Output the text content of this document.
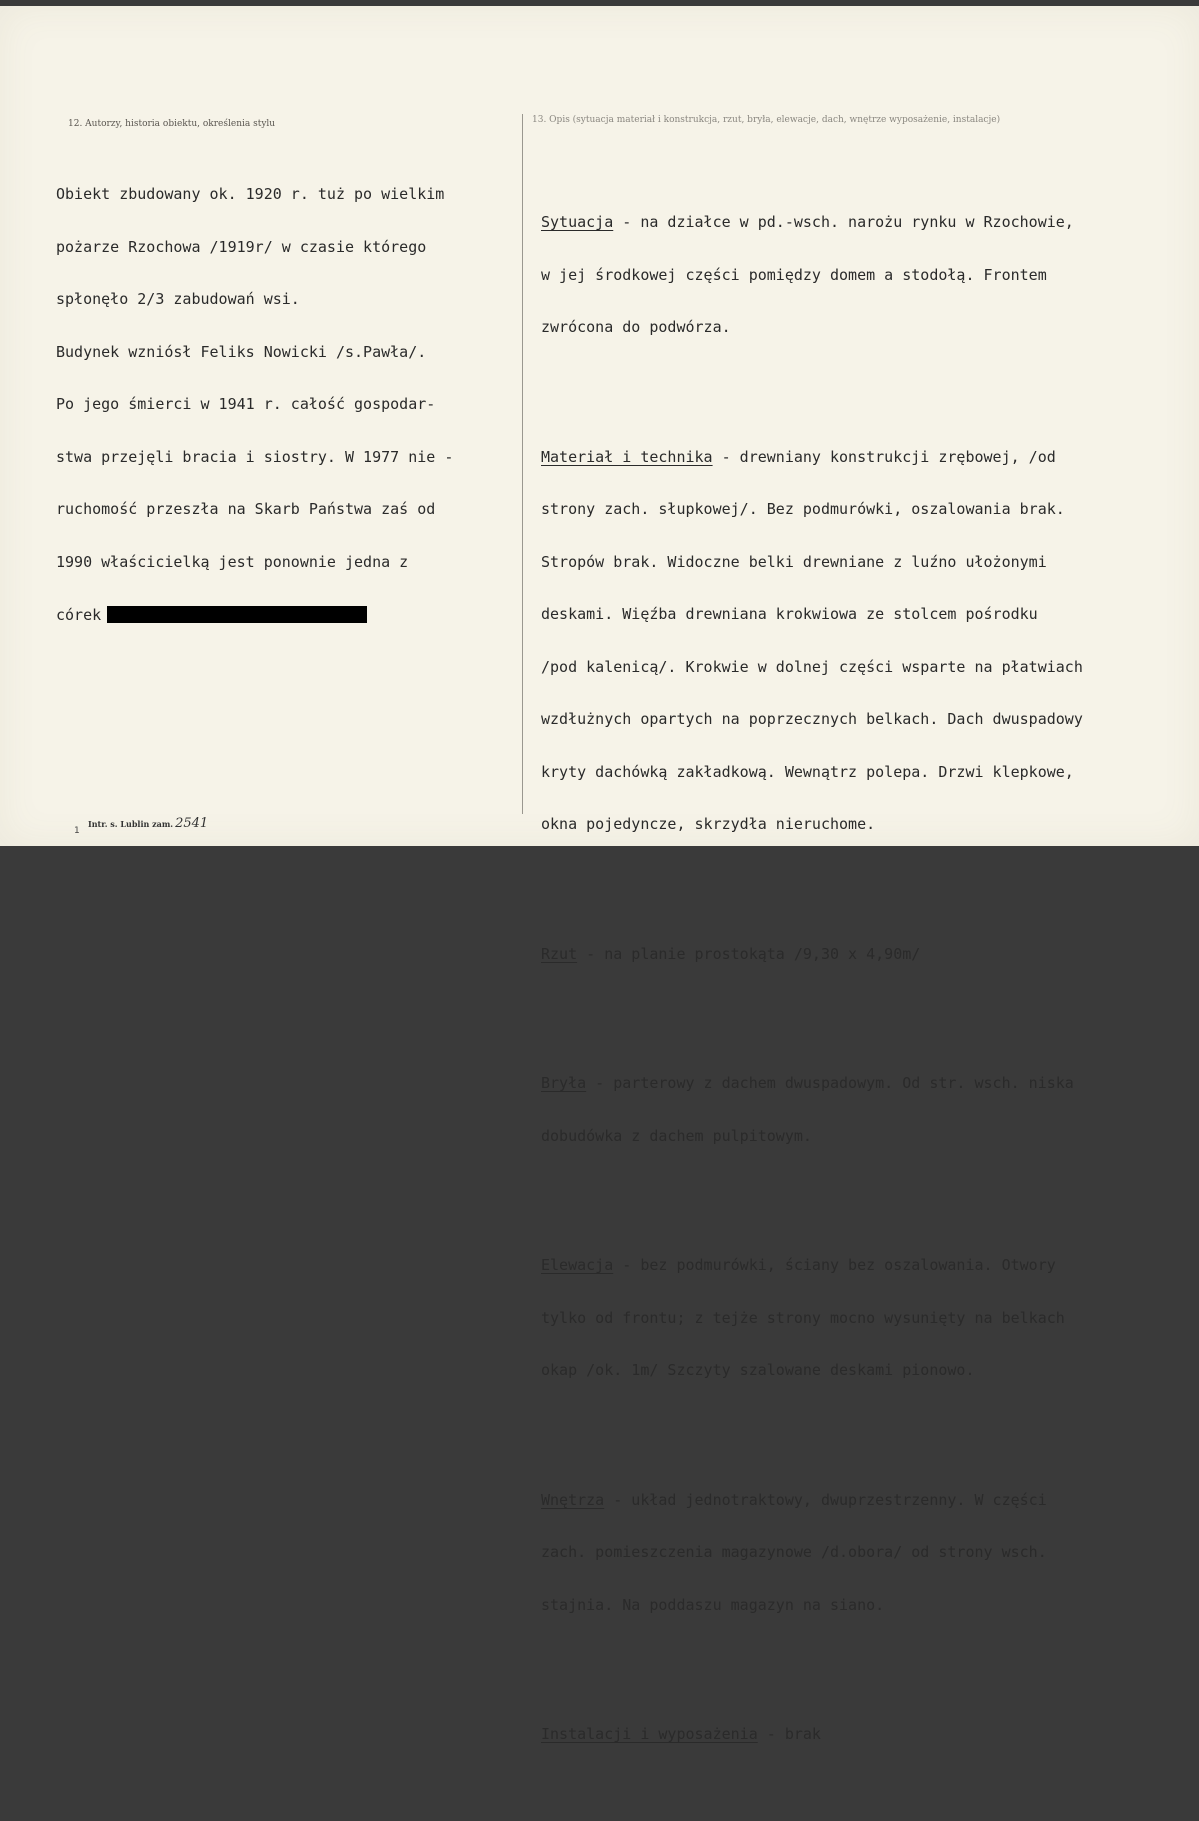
12. Autorzy, historia obiektu, określenia stylu	13. Opis (sytuacja materiał i konstrukcja, rzut, bryła, elewacje, dach, wnętrze wyposażenie, instalacje)

Obiekt zbudowany ok. 1920 r. tuż po wielkim

pożarze Rzochowa /1919r/ w czasie którego

spłonęło 2/3 zabudowań wsi.

Budynek wzniósł Feliks Nowicki /s.Pawła/.

Po jego śmierci w 1941 r. całość gospodar-

stwa przejęli bracia i siostry. W 1977 nie -

ruchomość przeszła na Skarb Państwa zaś od

1990 właścicielką jest ponownie jedna z

córek

Sytuacja - na działce w pd.-wsch. narożu rynku w Rzochowie,

w jej środkowej części pomiędzy domem a stodołą. Frontem

zwrócona do podwórza.

Materiał i technika - drewniany konstrukcji zrębowej, /od

strony zach. słupkowej/. Bez podmurówki, oszalowania brak.

Stropów brak. Widoczne belki drewniane z luźno ułożonymi

deskami. Więźba drewniana krokwiowa ze stolcem pośrodku

/pod kalenicą/. Krokwie w dolnej części wsparte na płatwiach

wzdłużnych opartych na poprzecznych belkach. Dach dwuspadowy

kryty dachówką zakładkową. Wewnątrz polepa. Drzwi klepkowe,

okna pojedyncze, skrzydła nieruchome.

Rzut - na planie prostokąta /9,30 x 4,90m/

Bryła - parterowy z dachem dwuspadowym. Od str. wsch. niska

dobudówka z dachem pulpitowym.

Elewacja - bez podmurówki, ściany bez oszalowania. Otwory

tylko od frontu; z tejże strony mocno wysunięty na belkach

okap /ok. 1m/ Szczyty szalowane deskami pionowo.

Wnętrza - układ jednotraktowy, dwuprzestrzenny. W części

zach. pomieszczenia magazynowe /d.obora/ od strony wsch.

stajnia. Na poddaszu magazyn na siano.

Instalacji i wyposażenia - brak

1
Intr. s. Lublin zam. 2541
